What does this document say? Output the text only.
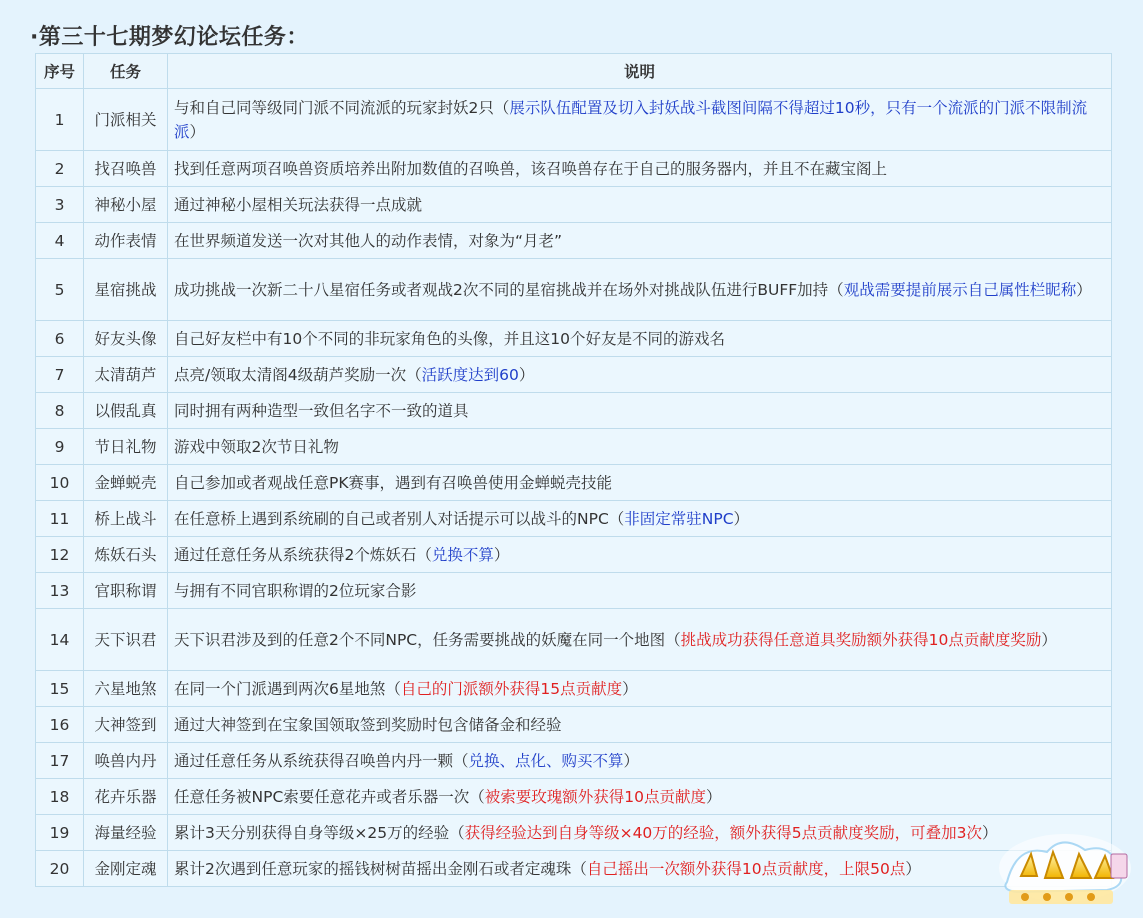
·第三十七期梦幻论坛任务：
序号	任务	说明
1	门派相关	与和自己同等级同门派不同流派的玩家封妖2只（展示队伍配置及切入封妖战斗截图间隔不得超过10秒，只有一个流派的门派不限制流派）
2	找召唤兽	找到任意两项召唤兽资质培养出附加数值的召唤兽，该召唤兽存在于自己的服务器内，并且不在藏宝阁上
3	神秘小屋	通过神秘小屋相关玩法获得一点成就
4	动作表情	在世界频道发送一次对其他人的动作表情，对象为“月老”
5	星宿挑战	成功挑战一次新二十八星宿任务或者观战2次不同的星宿挑战并在场外对挑战队伍进行BUFF加持（观战需要提前展示自己属性栏昵称）
6	好友头像	自己好友栏中有10个不同的非玩家角色的头像，并且这10个好友是不同的游戏名
7	太清葫芦	点亮/领取太清阁4级葫芦奖励一次（活跃度达到60）
8	以假乱真	同时拥有两种造型一致但名字不一致的道具
9	节日礼物	游戏中领取2次节日礼物
10	金蝉蜕壳	自己参加或者观战任意PK赛事，遇到有召唤兽使用金蝉蜕壳技能
11	桥上战斗	在任意桥上遇到系统刷的自己或者别人对话提示可以战斗的NPC（非固定常驻NPC）
12	炼妖石头	通过任意任务从系统获得2个炼妖石（兑换不算）
13	官职称谓	与拥有不同官职称谓的2位玩家合影
14	天下识君	天下识君涉及到的任意2个不同NPC，任务需要挑战的妖魔在同一个地图（挑战成功获得任意道具奖励额外获得10点贡献度奖励）
15	六星地煞	在同一个门派遇到两次6星地煞（自己的门派额外获得15点贡献度）
16	大神签到	通过大神签到在宝象国领取签到奖励时包含储备金和经验
17	唤兽内丹	通过任意任务从系统获得召唤兽内丹一颗（兑换、点化、购买不算）
18	花卉乐器	任意任务被NPC索要任意花卉或者乐器一次（被索要玫瑰额外获得10点贡献度）
19	海量经验	累计3天分别获得自身等级×25万的经验（获得经验达到自身等级×40万的经验，额外获得5点贡献度奖励，可叠加3次）
20	金刚定魂	累计2次遇到任意玩家的摇钱树树苗摇出金刚石或者定魂珠（自己摇出一次额外获得10点贡献度，上限50点）
